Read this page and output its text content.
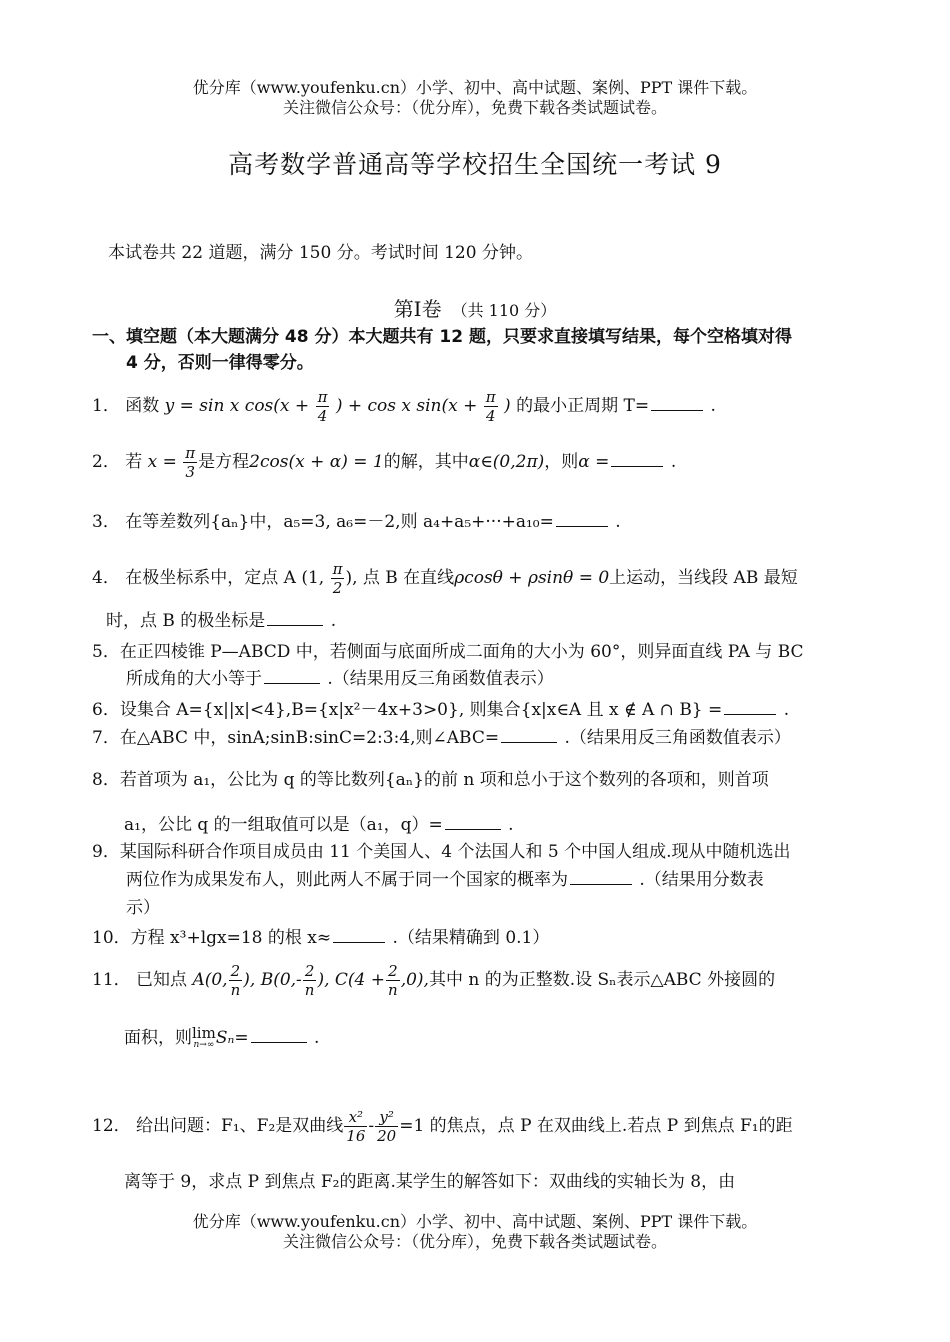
优分库（www.youfenku.cn）小学、初中、高中试题、案例、PPT 课件下载。
关注微信公众号：（优分库），免费下载各类试题试卷。
高考数学普通高等学校招生全国统一考试 9
本试卷共 22 道题，满分 150 分。考试时间 120 分钟。
第Ⅰ卷 （共 110 分）
一、填空题（本大题满分 48 分）本大题共有 12 题，只要求直接填写结果，每个空格填对得
4 分，否则一律得零分。
1． 函数 y = sin x $\cos(x + \frac{\pi}{4}$ ) + cos x $\sin(x + \frac{\pi}{4}$ ) 的最小正周期 T=	.
2． 若 $x = \frac{\pi}{3}$ 是方程2cos(x + α) = 1的解，其中α∈(0,2π)，则α =	.
3． 在等差数列{aₙ}中，a₅=3, a₆=－2,则 a₄+a₅+···+a₁₀=	.
4． 在极坐标系中，定点 A (1, $\frac{\pi}{2}$ ), 点 B 在直线ρcosθ + ρsinθ = 0上运动，当线段 AB 最短
时，点 B 的极坐标是	.
5．在正四棱锥 P—ABCD 中，若侧面与底面所成二面角的大小为 60°，则异面直线 PA 与 BC
所成角的大小等于	.（结果用反三角函数值表示）
6．设集合 A={x||x|<4},B={x|x²－4x+3>0}, 则集合{x|x∈A 且 x ∉ A ∩ B} =	.
7．在△ABC 中，sinA;sinB:sinC=2:3:4,则∠ABC=	.（结果用反三角函数值表示）
8．若首项为 a₁，公比为 q 的等比数列{aₙ}的前 n 项和总小于这个数列的各项和，则首项
a₁，公比 q 的一组取值可以是（a₁，q）=	.
9．某国际科研合作项目成员由 11 个美国人、4 个法国人和 5 个中国人组成.现从中随机选出
两位作为成果发布人，则此两人不属于同一个国家的概率为	.（结果用分数表
示）
10．方程 x³+lgx=18 的根 x≈	.（结果精确到 0.1）
11． 已知点 A(0, $\frac{2}{n}$ ), $B(0,- \frac{2}{n}$ ), $C(4 + \frac{2}{n} ,0)$,其中 n 的为正整数.设 Sₙ表示△ABC 外接圆的
面积，则 lim
n→∞ Sₙ=	.
12． 给出问题：F₁、F₂是双曲线 $\frac{\text{x²}}{16} - \frac{\text{y²}}{20} =1$ 的焦点，点 P 在双曲线上.若点 P 到焦点 F₁的距
离等于 9，求点 P 到焦点 F₂的距离.某学生的解答如下：双曲线的实轴长为 8，由
优分库（www.youfenku.cn）小学、初中、高中试题、案例、PPT 课件下载。
关注微信公众号：（优分库），免费下载各类试题试卷。
